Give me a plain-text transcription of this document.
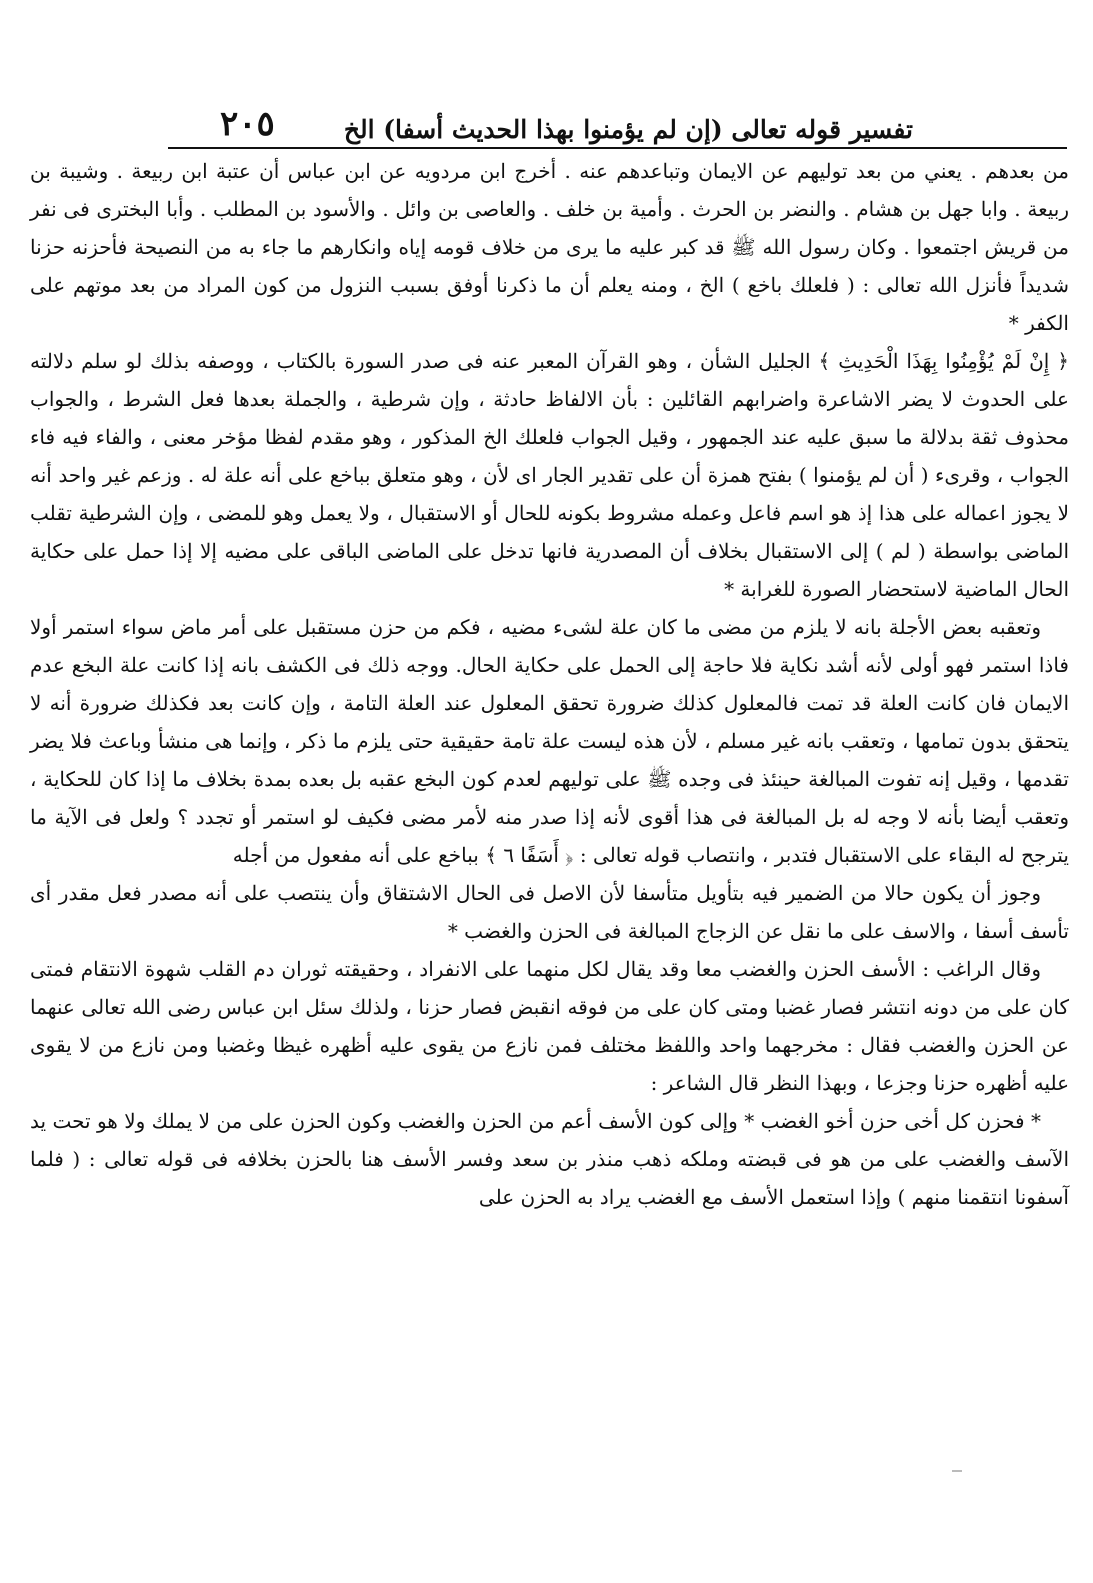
تفسير قوله تعالى (إن لم يؤمنوا بهذا الحديث أسفا) الخ
٢٠٥

من بعدهم . يعني من بعد توليهم عن الايمان وتباعدهم عنه . أخرج ابن مردويه عن ابن عباس أن عتبة ابن ربيعة . وشيبة بن ربيعة . وابا جهل بن هشام . والنضر بن الحرث . وأمية بن خلف . والعاصى بن وائل . والأسود بن المطلب . وأبا البخترى فى نفر من قريش اجتمعوا . وكان رسول الله ﷺ قد كبر عليه ما يرى من خلاف قومه إياه وانكارهم ما جاء به من النصيحة فأحزنه حزنا شديداً فأنزل الله تعالى : ( فلعلك باخع ) الخ ، ومنه يعلم أن ما ذكرنا أوفق بسبب النزول من كون المراد من بعد موتهم على الكفر *

﴿ إِنْ لَمْ يُؤْمِنُوا بِهَذَا الْحَدِيثِ ﴾ الجليل الشأن ، وهو القرآن المعبر عنه فى صدر السورة بالكتاب ، ووصفه بذلك لو سلم دلالته على الحدوث لا يضر الاشاعرة واضرابهم القائلين : بأن الالفاظ حادثة ، وإن شرطية ، والجملة بعدها فعل الشرط ، والجواب محذوف ثقة بدلالة ما سبق عليه عند الجمهور ، وقيل الجواب فلعلك الخ المذكور ، وهو مقدم لفظا مؤخر معنى ، والفاء فيه فاء الجواب ، وقرىء ( أن لم يؤمنوا ) بفتح همزة أن على تقدير الجار اى لأن ، وهو متعلق بباخع على أنه علة له . وزعم غير واحد أنه لا يجوز اعماله على هذا إذ هو اسم فاعل وعمله مشروط بكونه للحال أو الاستقبال ، ولا يعمل وهو للمضى ، وإن الشرطية تقلب الماضى بواسطة ( لم ) إلى الاستقبال بخلاف أن المصدرية فانها تدخل على الماضى الباقى على مضيه إلا إذا حمل على حكاية الحال الماضية لاستحضار الصورة للغرابة *

وتعقبه بعض الأجلة بانه لا يلزم من مضى ما كان علة لشىء مضيه ، فكم من حزن مستقبل على أمر ماض سواء استمر أولا فاذا استمر فهو أولى لأنه أشد نكاية فلا حاجة إلى الحمل على حكاية الحال. ووجه ذلك فى الكشف بانه إذا كانت علة البخع عدم الايمان فان كانت العلة قد تمت فالمعلول كذلك ضرورة تحقق المعلول عند العلة التامة ، وإن كانت بعد فكذلك ضرورة أنه لا يتحقق بدون تمامها ، وتعقب بانه غير مسلم ، لأن هذه ليست علة تامة حقيقية حتى يلزم ما ذكر ، وإنما هى منشأ وباعث فلا يضر تقدمها ، وقيل إنه تفوت المبالغة حينئذ فى وجده ﷺ على توليهم لعدم كون البخع عقبه بل بعده بمدة بخلاف ما إذا كان للحكاية ، وتعقب أيضا بأنه لا وجه له بل المبالغة فى هذا أقوى لأنه إذا صدر منه لأمر مضى فكيف لو استمر أو تجدد ؟ ولعل فى الآية ما يترجح له البقاء على الاستقبال فتدبر ، وانتصاب قوله تعالى : ﴿ أَسَفًا ٦ ﴾ بباخع على أنه مفعول من أجله

وجوز أن يكون حالا من الضمير فيه بتأويل متأسفا لأن الاصل فى الحال الاشتقاق وأن ينتصب على أنه مصدر فعل مقدر أى تأسف أسفا ، والاسف على ما نقل عن الزجاج المبالغة فى الحزن والغضب *

وقال الراغب : الأسف الحزن والغضب معا وقد يقال لكل منهما على الانفراد ، وحقيقته ثوران دم القلب شهوة الانتقام فمتى كان على من دونه انتشر فصار غضبا ومتى كان على من فوقه انقبض فصار حزنا ، ولذلك سئل ابن عباس رضى الله تعالى عنهما عن الحزن والغضب فقال : مخرجهما واحد واللفظ مختلف فمن نازع من يقوى عليه أظهره غيظا وغضبا ومن نازع من لا يقوى عليه أظهره حزنا وجزعا ، وبهذا النظر قال الشاعر :

* فحزن كل أخى حزن أخو الغضب * وإلى كون الأسف أعم من الحزن والغضب وكون الحزن على من لا يملك ولا هو تحت يد الآسف والغضب على من هو فى قبضته وملكه ذهب منذر بن سعد وفسر الأسف هنا بالحزن بخلافه فى قوله تعالى : ( فلما آسفونا انتقمنا منهم ) وإذا استعمل الأسف مع الغضب يراد به الحزن على
